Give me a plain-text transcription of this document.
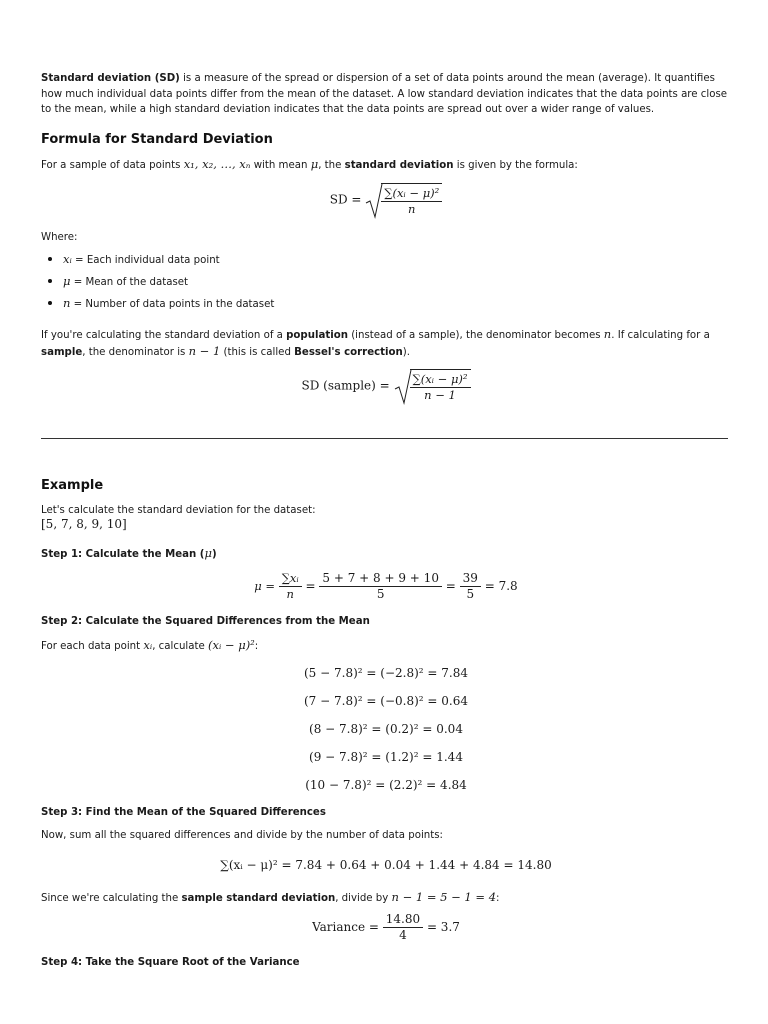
Standard deviation (SD) is a measure of the spread or dispersion of a set of data points around the mean (average). It quantifies how much individual data points differ from the mean of the dataset. A low standard deviation indicates that the data points are close to the mean, while a high standard deviation indicates that the data points are spread out over a wider range of values.

Formula for Standard Deviation

For a sample of data points x₁, x₂, …, xₙ with mean μ, the standard deviation is given by the formula:

SD = $\frac{\text{∑(xᵢ − μ)²}}{n}$

Where:

xᵢ = Each individual data point
μ = Mean of the dataset
n = Number of data points in the dataset

If you're calculating the standard deviation of a population (instead of a sample), the denominator becomes n. If calculating for a sample, the denominator is n − 1 (this is called Bessel's correction).

SD (sample) = $\frac{\text{∑(xᵢ − μ)²}}{n - 1}$
Example

Let's calculate the standard deviation for the dataset:

[5, 7, 8, 9, 10]

Step 1: Calculate the Mean (μ)
$\mu = \frac{\text{∑xᵢ}}{n} = \frac{5 + 7 + 8 + 9 + 10}{5} = \frac{39}{5} = 7.8$
Step 2: Calculate the Squared Differences from the Mean

For each data point xᵢ, calculate (xᵢ − μ)²:

(5 − 7.8)² = (−2.8)² = 7.84
(7 − 7.8)² = (−0.8)² = 0.64
(8 − 7.8)² = (0.2)² = 0.04
(9 − 7.8)² = (1.2)² = 1.44
(10 − 7.8)² = (2.2)² = 4.84
Step 3: Find the Mean of the Squared Differences

Now, sum all the squared differences and divide by the number of data points:

∑(xᵢ − μ)² = 7.84 + 0.64 + 0.04 + 1.44 + 4.84 = 14.80

Since we're calculating the sample standard deviation, divide by n − 1 = 5 − 1 = 4:

Variance = $\frac{14.80}{4} = 3.7$
Step 4: Take the Square Root of the Variance
